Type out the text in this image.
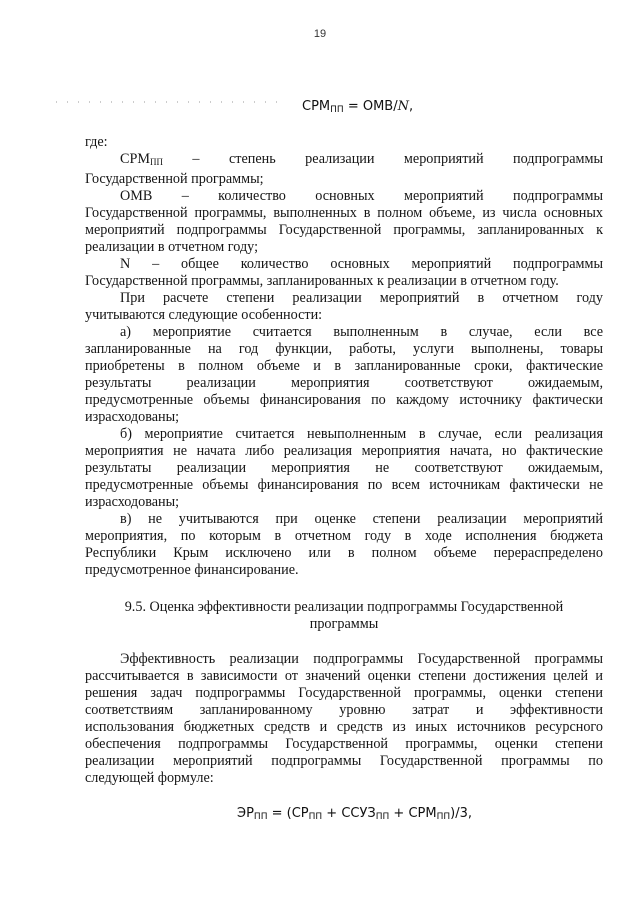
19
$СРМ_{ПП} = ОМВ/N$,
где:
СРМПП – степень реализации мероприятий подпрограммы
Государственной программы;
ОМВ – количество основных мероприятий подпрограммы
Государственной программы, выполненных в полном объеме, из числа основных
мероприятий подпрограммы Государственной программы, запланированных к
реализации в отчетном году;
N – общее количество основных мероприятий подпрограммы
Государственной программы, запланированных к реализации в отчетном году.
При расчете степени реализации мероприятий в отчетном году
учитываются следующие особенности:
а) мероприятие считается выполненным в случае, если все
запланированные на год функции, работы, услуги выполнены, товары
приобретены в полном объеме и в запланированные сроки, фактические
результаты реализации мероприятия соответствуют ожидаемым,
предусмотренные объемы финансирования по каждому источнику фактически
израсходованы;
б) мероприятие считается невыполненным в случае, если реализация
мероприятия не начата либо реализация мероприятия начата, но фактические
результаты реализации мероприятия не соответствуют ожидаемым,
предусмотренные объемы финансирования по всем источникам фактически не
израсходованы;
в) не учитываются при оценке степени реализации мероприятий
мероприятия, по которым в отчетном году в ходе исполнения бюджета
Республики Крым исключено или в полном объеме перераспределено
предусмотренное финансирование.
9.5. Оценка эффективности реализации подпрограммы Государственной
программы
Эффективность реализации подпрограммы Государственной программы
рассчитывается в зависимости от значений оценки степени достижения целей и
решения задач подпрограммы Государственной программы, оценки степени
соответствиям запланированному уровню затрат и эффективности
использования бюджетных средств и средств из иных источников ресурсного
обеспечения подпрограммы Государственной программы, оценки степени
реализации мероприятий подпрограммы Государственной программы по
следующей формуле:
$ЭР_{ПП} = (СР_{ПП}$ + $ССУЗ_{ПП} + СРМ_{ПП})/3$,
